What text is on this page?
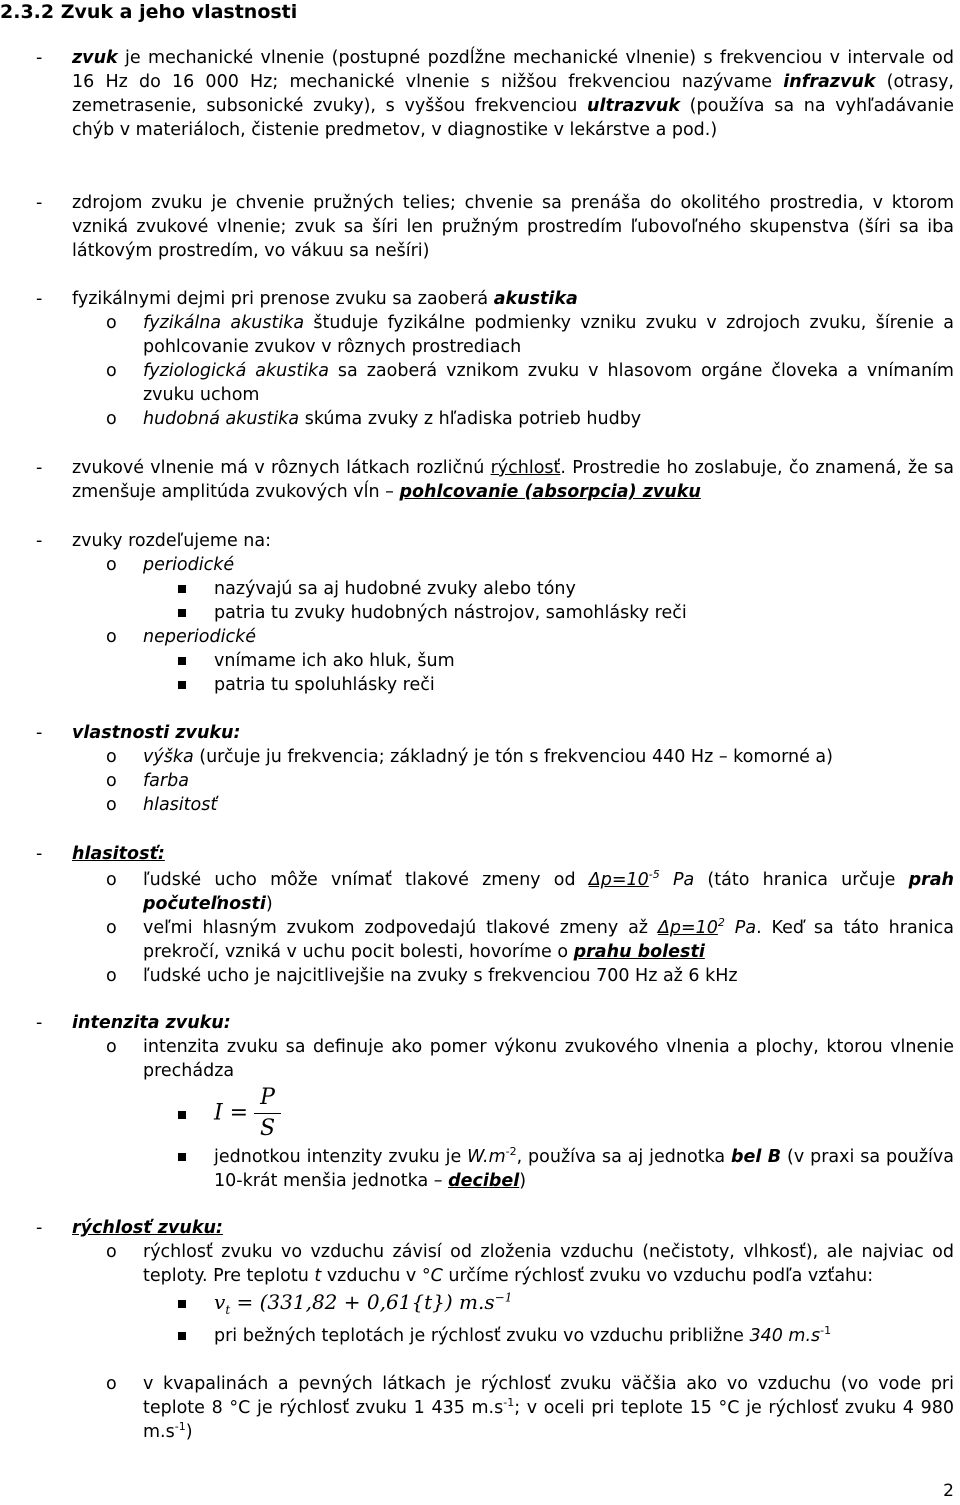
2.3.2 Zvuk a jeho vlastnosti
- zvuk je mechanické vlnenie (postupné pozdĺžne mechanické vlnenie) s frekvenciou v intervale od 16 Hz do 16 000 Hz; mechanické vlnenie s nižšou frekvenciou nazývame infrazvuk (otrasy, zemetrasenie, subsonické zvuky), s vyššou frekvenciou ultrazvuk (používa sa na vyhľadávanie chýb v materiáloch, čistenie predmetov, v diagnostike v lekárstve a pod.)
- zdrojom zvuku je chvenie pružných telies; chvenie sa prenáša do okolitého prostredia, v ktorom vzniká zvukové vlnenie; zvuk sa šíri len pružným prostredím ľubovoľného skupenstva (šíri sa iba látkovým prostredím, vo vákuu sa nešíri)
- fyzikálnymi dejmi pri prenose zvuku sa zaoberá akustika
o fyzikálna akustika študuje fyzikálne podmienky vzniku zvuku v zdrojoch zvuku, šírenie a pohlcovanie zvukov v rôznych prostrediach
o fyziologická akustika sa zaoberá vznikom zvuku v hlasovom orgáne človeka a vnímaním zvuku uchom
o hudobná akustika skúma zvuky z hľadiska potrieb hudby
- zvukové vlnenie má v rôznych látkach rozličnú rýchlosť. Prostredie ho zoslabuje, čo znamená, že sa zmenšuje amplitúda zvukových vĺn – pohlcovanie (absorpcia) zvuku
- zvuky rozdeľujeme na:
o periodické
nazývajú sa aj hudobné zvuky alebo tóny
patria tu zvuky hudobných nástrojov, samohlásky reči
o neperiodické
vnímame ich ako hluk, šum
patria tu spoluhlásky reči
- vlastnosti zvuku:
o výška (určuje ju frekvencia; základný je tón s frekvenciou 440 Hz – komorné a)
o farba
o hlasitosť
- hlasitosť:
o ľudské ucho môže vnímať tlakové zmeny od $\Delta p=10^{-5}$ Pa (táto hranica určuje prah počuteľnosti)
o veľmi hlasným zvukom zodpovedajú tlakové zmeny až $\Delta p=10^2$ Pa. Keď sa táto hranica prekročí, vzniká v uchu pocit bolesti, hovoríme o prahu bolesti
o ľudské ucho je najcitlivejšie na zvuky s frekvenciou 700 Hz až 6 kHz
- intenzita zvuku:
o intenzita zvuku sa definuje ako pomer výkonu zvukového vlnenia a plochy, ktorou vlnenie prechádza
$I = \frac{P}{S}$
jednotkou intenzity zvuku je $W.m^{-2}$, používa sa aj jednotka bel B (v praxi sa používa 10-krát menšia jednotka – decibel)
- rýchlosť zvuku:
o rýchlosť zvuku vo vzduchu závisí od zloženia vzduchu (nečistoty, vlhkosť), ale najviac od teploty. Pre teplotu t vzduchu v °C určíme rýchlosť zvuku vo vzduchu podľa vzťahu:
$v_t = (331,82 + 0,61\{t\})$ $m.s^{-1}$
pri bežných teplotách je rýchlosť zvuku vo vzduchu približne 340 $m.s^{-1}$
o v kvapalinách a pevných látkach je rýchlosť zvuku väčšia ako vo vzduchu (vo vode pri teplote 8 °C je rýchlosť zvuku 1 435 $m.s^{-1}$; v oceli pri teplote 15 °C je rýchlosť zvuku 4 980 $m.s^{-1}$)
2
